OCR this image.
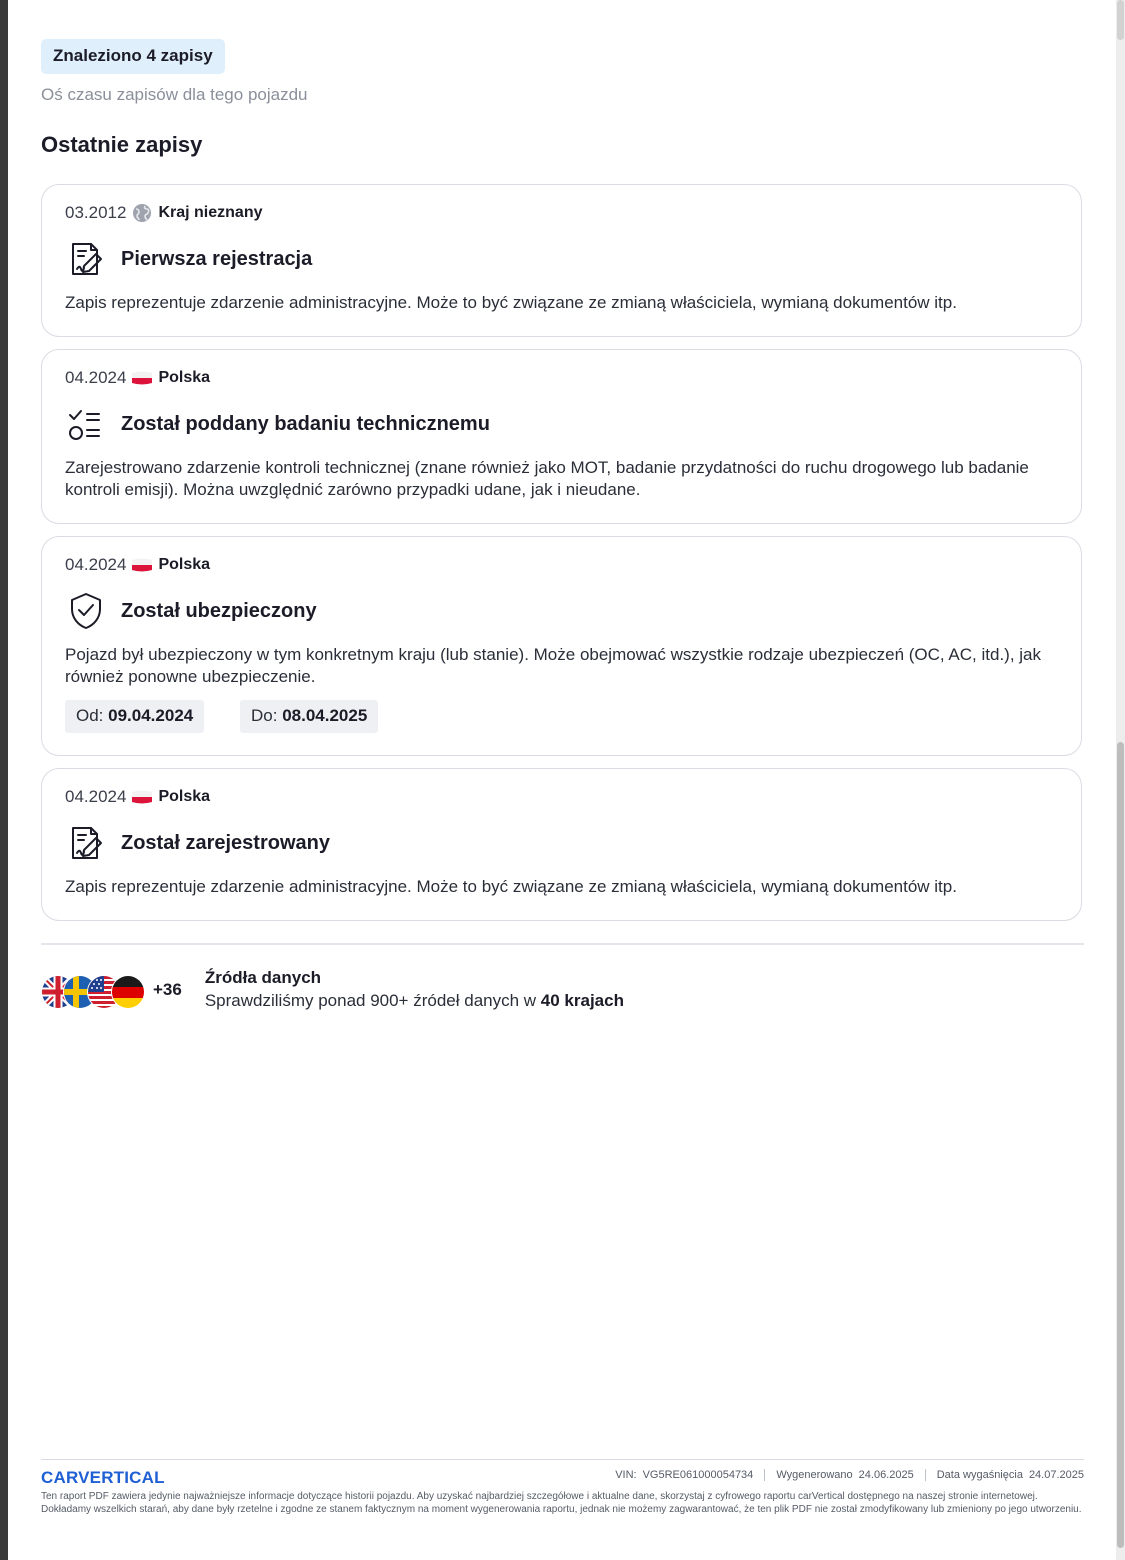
Znaleziono 4 zapisy
Oś czasu zapisów dla tego pojazdu
Ostatnie zapisy
03.2012 Kraj nieznany
Pierwsza rejestracja
Zapis reprezentuje zdarzenie administracyjne. Może to być związane ze zmianą właściciela, wymianą dokumentów itp.
04.2024 Polska
Został poddany badaniu technicznemu
Zarejestrowano zdarzenie kontroli technicznej (znane również jako MOT, badanie przydatności do ruchu drogowego lub badanie kontroli emisji). Można uwzględnić zarówno przypadki udane, jak i nieudane.
04.2024 Polska
Został ubezpieczony
Pojazd był ubezpieczony w tym konkretnym kraju (lub stanie). Może obejmować wszystkie rodzaje ubezpieczeń (OC, AC, itd.), jak również ponowne ubezpieczenie.
Od: 09.04.2024	Do: 08.04.2025
04.2024 Polska
Został zarejestrowany
Zapis reprezentuje zdarzenie administracyjne. Może to być związane ze zmianą właściciela, wymianą dokumentów itp.
+36
Źródła danych
Sprawdziliśmy ponad 900+ źródeł danych w 40 krajach
CARVERTICAL	VIN: VG5RE061000054734 Wygenerowano 24.06.2025 Data wygaśnięcia 24.07.2025
Ten raport PDF zawiera jedynie najważniejsze informacje dotyczące historii pojazdu. Aby uzyskać najbardziej szczegółowe i aktualne dane, skorzystaj z cyfrowego raportu carVertical dostępnego na naszej stronie internetowej. Dokładamy wszelkich starań, aby dane były rzetelne i zgodne ze stanem faktycznym na moment wygenerowania raportu, jednak nie możemy zagwarantować, że ten plik PDF nie został zmodyfikowany lub zmieniony po jego utworzeniu.
